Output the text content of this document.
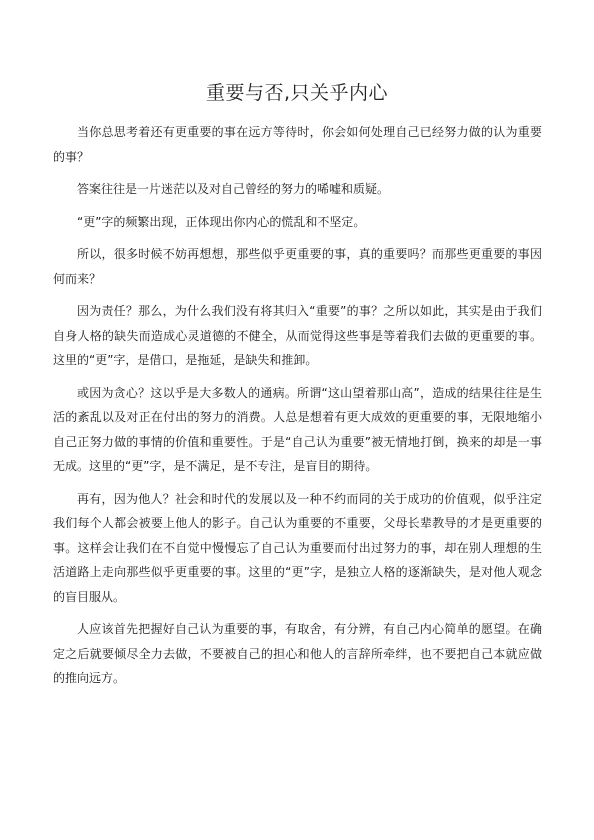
重要与否,只关乎内心

当你总思考着还有更重要的事在远方等待时，你会如何处理自己已经努力做的认为重要的事？

答案往往是一片迷茫以及对自己曾经的努力的唏嘘和质疑。

“更”字的频繁出现，正体现出你内心的慌乱和不坚定。

所以，很多时候不妨再想想，那些似乎更重要的事，真的重要吗？而那些更重要的事因何而来？

因为责任？那么，为什么我们没有将其归入“重要”的事？之所以如此，其实是由于我们自身人格的缺失而造成心灵道德的不健全，从而觉得这些事是等着我们去做的更重要的事。这里的“更”字，是借口，是拖延，是缺失和推卸。

或因为贪心？这以乎是大多数人的通病。所谓“这山望着那山高”，造成的结果往往是生活的紊乱以及对正在付出的努力的消费。人总是想着有更大成效的更重要的事，无限地缩小自己正努力做的事情的价值和重要性。于是“自己认为重要”被无情地打倒，换来的却是一事无成。这里的“更”字，是不满足，是不专注，是盲目的期待。

再有，因为他人？社会和时代的发展以及一种不约而同的关于成功的价值观，似乎注定我们每个人都会被要上他人的影子。自己认为重要的不重要，父母长辈教导的才是更重要的事。这样会让我们在不自觉中慢慢忘了自己认为重要而付出过努力的事，却在别人理想的生活道路上走向那些似乎更重要的事。这里的“更”字，是独立人格的逐渐缺失，是对他人观念的盲目服从。

人应该首先把握好自己认为重要的事，有取舍，有分辨，有自己内心简单的愿望。在确定之后就要倾尽全力去做，不要被自己的担心和他人的言辞所牵绊，也不要把自己本就应做的推向远方。
